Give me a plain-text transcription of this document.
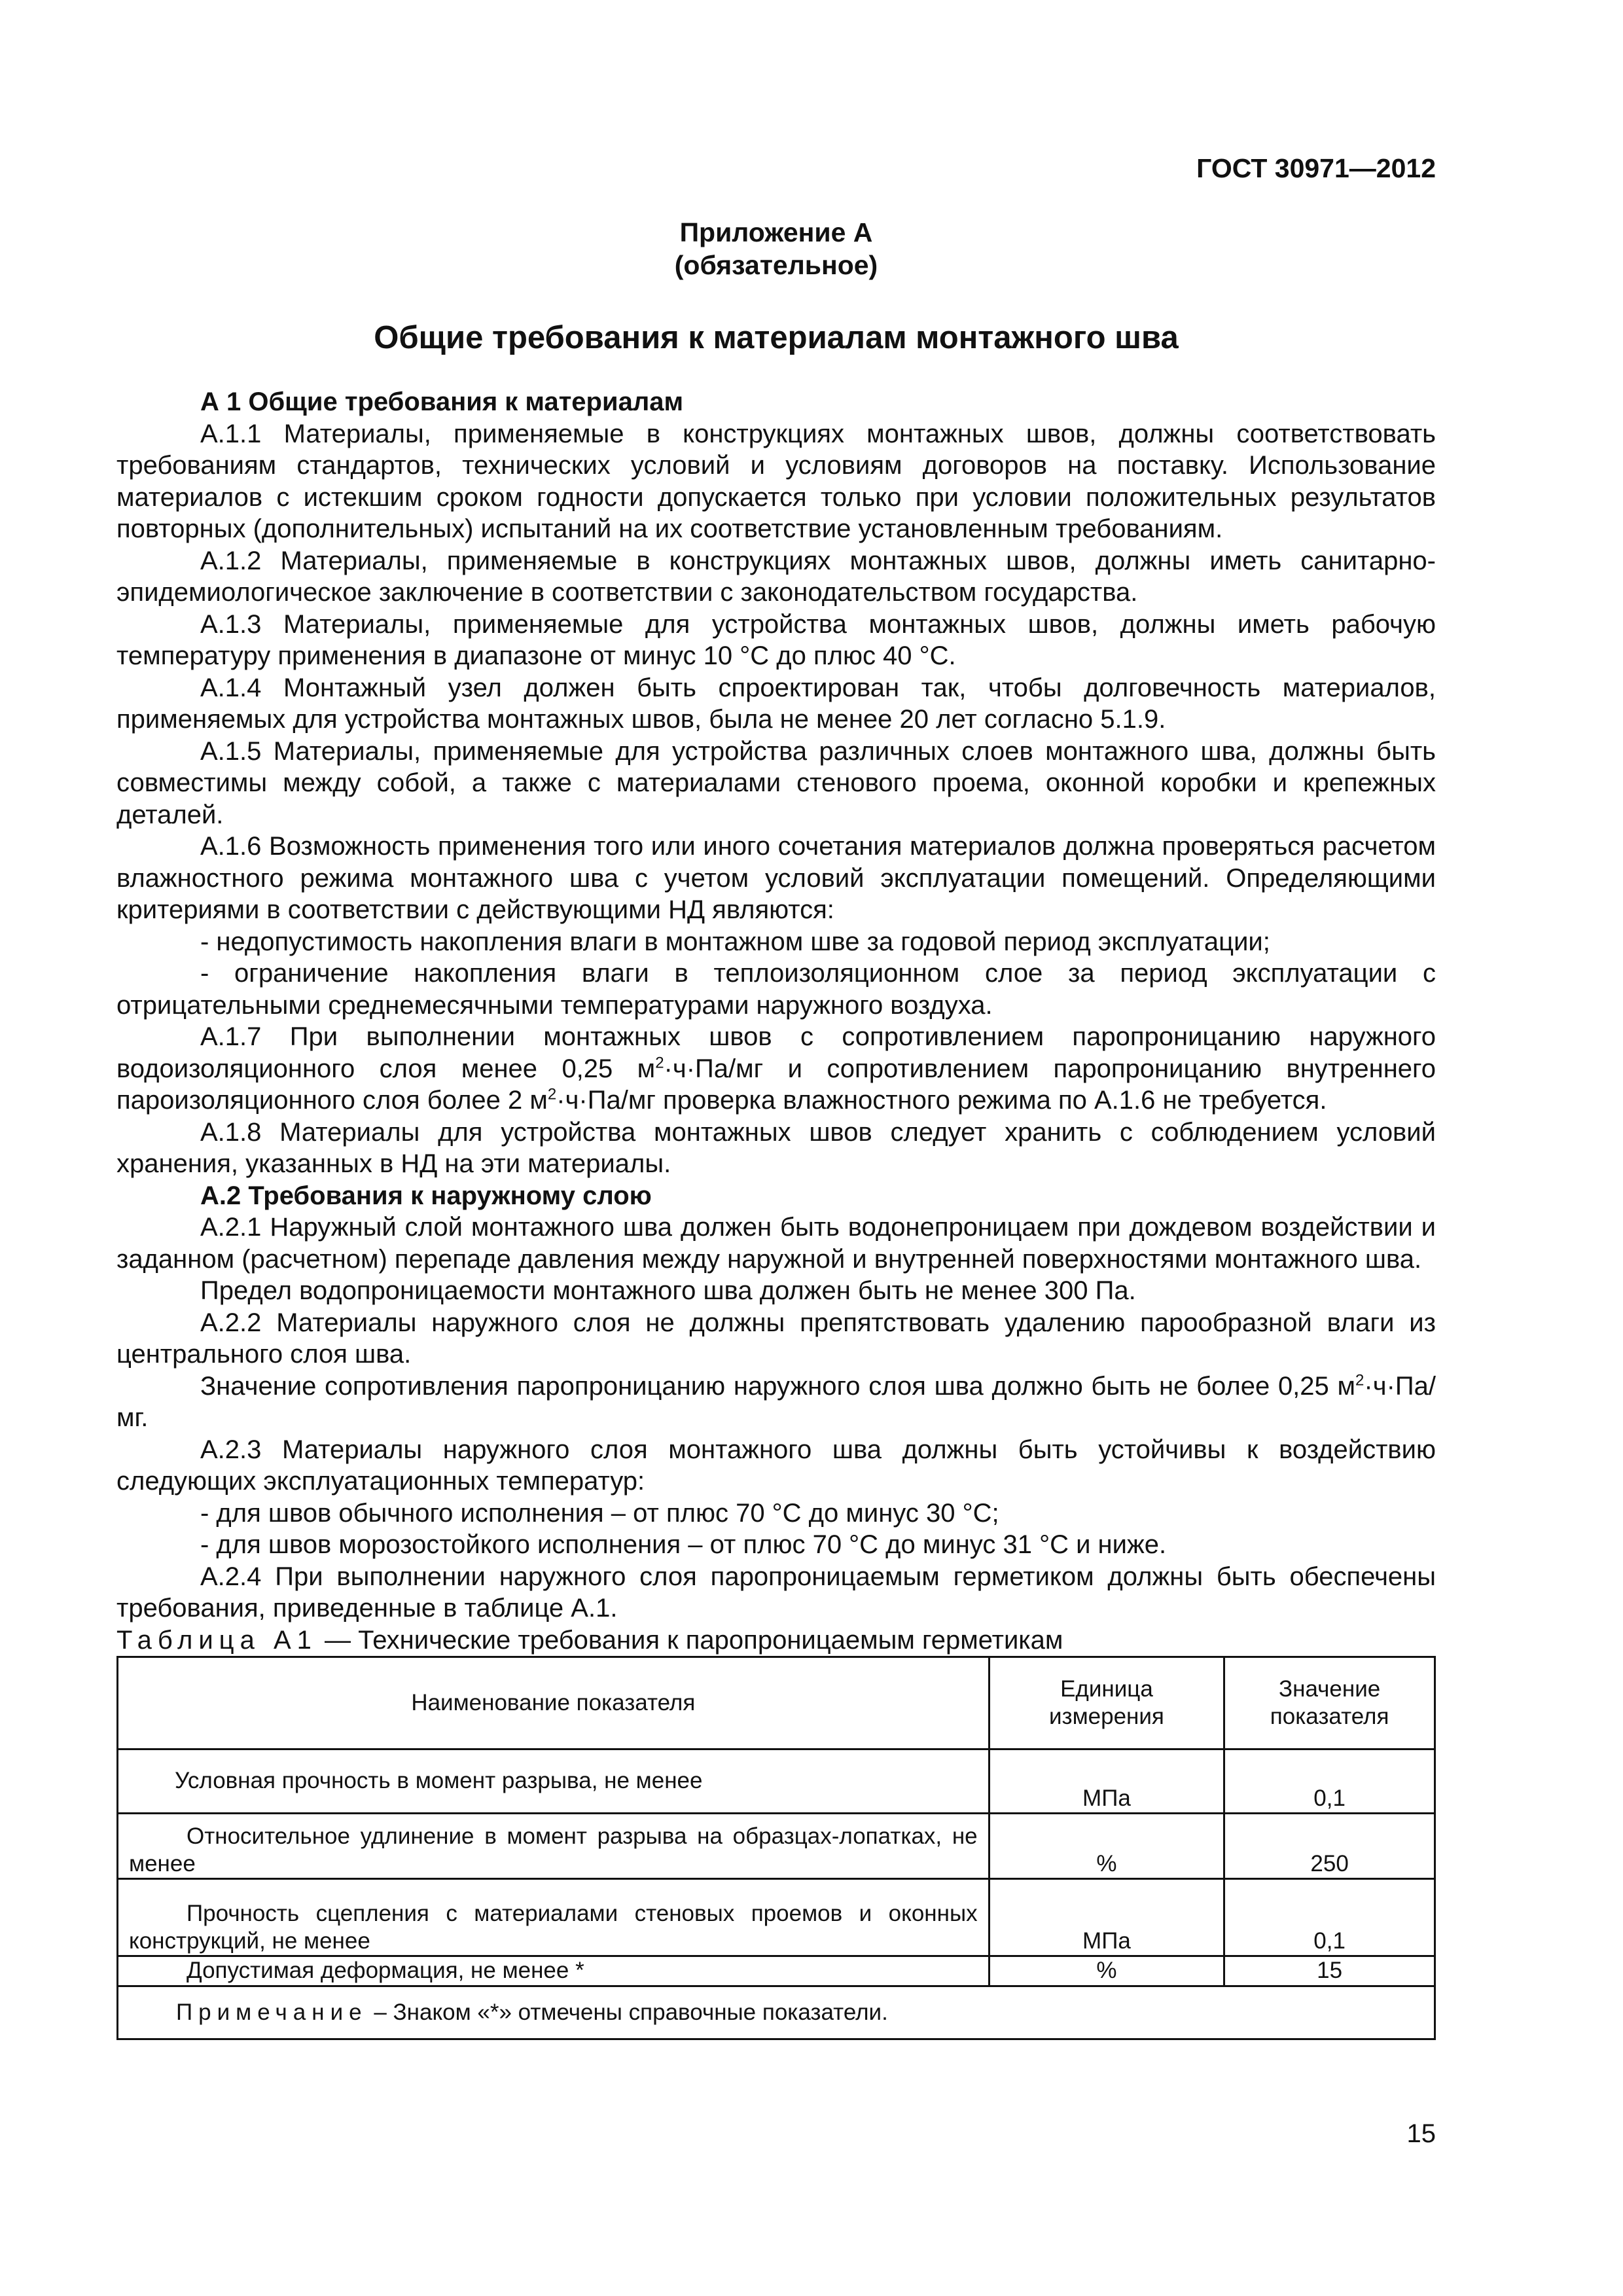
ГОСТ 30971—2012
Приложение А
(обязательное)
Общие требования к материалам монтажного шва

А 1 Общие требования к материалам

А.1.1 Материалы, применяемые в конструкциях монтажных швов, должны соответствовать требованиям стандартов, технических условий и условиям договоров на поставку. Использование материалов с истекшим сроком годности допускается только при условии положительных результатов повторных (дополнительных) испытаний на их соответствие установленным требованиям.

А.1.2 Материалы, применяемые в конструкциях монтажных швов, должны иметь санитарно-эпидемиологическое заключение в соответствии с законодательством государства.

А.1.3 Материалы, применяемые для устройства монтажных швов, должны иметь рабочую температуру применения в диапазоне от минус 10 °С до плюс 40 °С.

А.1.4 Монтажный узел должен быть спроектирован так, чтобы долговечность материалов, применяемых для устройства монтажных швов, была не менее 20 лет согласно 5.1.9.

А.1.5 Материалы, применяемые для устройства различных слоев монтажного шва, должны быть совместимы между собой, а также с материалами стенового проема, оконной коробки и крепежных деталей.

А.1.6 Возможность применения того или иного сочетания материалов должна проверяться расчетом влажностного режима монтажного шва с учетом условий эксплуатации помещений. Определяющими критериями в соответствии с действующими НД являются:

- недопустимость накопления влаги в монтажном шве за годовой период эксплуатации;

- ограничение накопления влаги в теплоизоляционном слое за период эксплуатации с отрицательными среднемесячными температурами наружного воздуха.

А.1.7 При выполнении монтажных швов с сопротивлением паропроницанию наружного водоизоляционного слоя менее 0,25 $м^2\cdot ч\cdot Па/мг$ и сопротивлением паропроницанию внутреннего пароизоляционного слоя более 2 $м^2\cdot ч\cdot Па/мг$ проверка влажностного режима по А.1.6 не требуется.

А.1.8 Материалы для устройства монтажных швов следует хранить с соблюдением условий хранения, указанных в НД на эти материалы.

А.2 Требования к наружному слою

А.2.1 Наружный слой монтажного шва должен быть водонепроницаем при дождевом воздействии и заданном (расчетном) перепаде давления между наружной и внутренней поверхностями монтажного шва.

Предел водопроницаемости монтажного шва должен быть не менее 300 Па.

А.2.2 Материалы наружного слоя не должны препятствовать удалению парообразной влаги из центрального слоя шва.

Значение сопротивления паропроницанию наружного слоя шва должно быть не более 0,25 $м^2\cdot ч\cdot Па/мг$.

А.2.3 Материалы наружного слоя монтажного шва должны быть устойчивы к воздействию следующих эксплуатационных температур:

- для швов обычного исполнения – от плюс 70 °С до минус 30 °С;

- для швов морозостойкого исполнения – от плюс 70 °С до минус 31 °С и ниже.

А.2.4 При выполнении наружного слоя паропроницаемым герметиком должны быть обеспечены требования, приведенные в таблице А.1.

Таблица А1 — Технические требования к паропроницаемым герметикам

Наименование показателя	Единица измерения	Значение показателя
Условная прочность в момент разрыва, не менее	МПа	0,1
Относительное удлинение в момент разрыва на образцах-лопатках, не менее	%	250
Прочность сцепления с материалами стеновых проемов и оконных конструкций, не менее	МПа	0,1
Допустимая деформация, не менее *	%	15
Примечание – Знаком «*» отмечены справочные показатели.		
15
